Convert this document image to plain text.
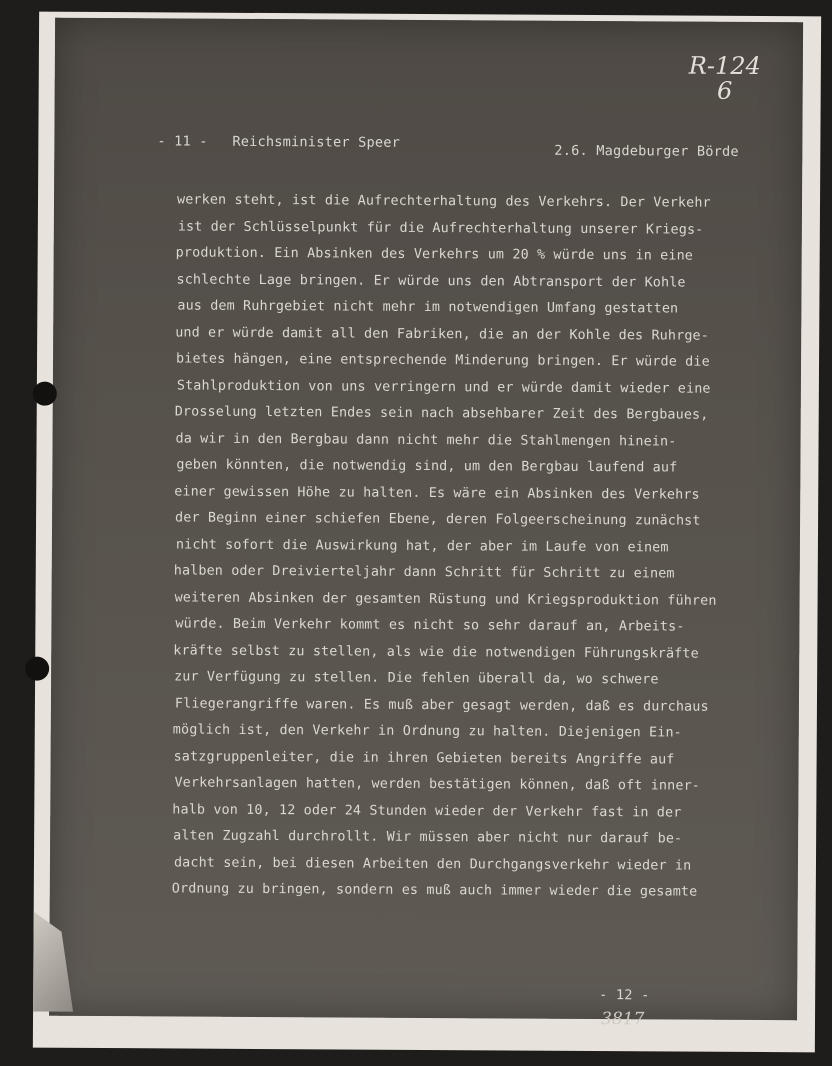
R-124
6
- 11 - Reichsminister Speer
2.6. Magdeburger Börde
werken steht, ist die Aufrechterhaltung des Verkehrs. Der Verkehr
ist der Schlüsselpunkt für die Aufrechterhaltung unserer Kriegs-
produktion. Ein Absinken des Verkehrs um 20 % würde uns in eine
schlechte Lage bringen. Er würde uns den Abtransport der Kohle
aus dem Ruhrgebiet nicht mehr im notwendigen Umfang gestatten
und er würde damit all den Fabriken, die an der Kohle des Ruhrge-
bietes hängen, eine entsprechende Minderung bringen. Er würde die
Stahlproduktion von uns verringern und er würde damit wieder eine
Drosselung letzten Endes sein nach absehbarer Zeit des Bergbaues,
da wir in den Bergbau dann nicht mehr die Stahlmengen hinein-
geben könnten, die notwendig sind, um den Bergbau laufend auf
einer gewissen Höhe zu halten. Es wäre ein Absinken des Verkehrs
der Beginn einer schiefen Ebene, deren Folgeerscheinung zunächst
nicht sofort die Auswirkung hat, der aber im Laufe von einem
halben oder Dreivierteljahr dann Schritt für Schritt zu einem
weiteren Absinken der gesamten Rüstung und Kriegsproduktion führen
würde. Beim Verkehr kommt es nicht so sehr darauf an, Arbeits-
kräfte selbst zu stellen, als wie die notwendigen Führungskräfte
zur Verfügung zu stellen. Die fehlen überall da, wo schwere
Fliegerangriffe waren. Es muß aber gesagt werden, daß es durchaus
möglich ist, den Verkehr in Ordnung zu halten. Diejenigen Ein-
satzgruppenleiter, die in ihren Gebieten bereits Angriffe auf
Verkehrsanlagen hatten, werden bestätigen können, daß oft inner-
halb von 10, 12 oder 24 Stunden wieder der Verkehr fast in der
alten Zugzahl durchrollt. Wir müssen aber nicht nur darauf be-
dacht sein, bei diesen Arbeiten den Durchgangsverkehr wieder in
Ordnung zu bringen, sondern es muß auch immer wieder die gesamte
- 12 -
3817
